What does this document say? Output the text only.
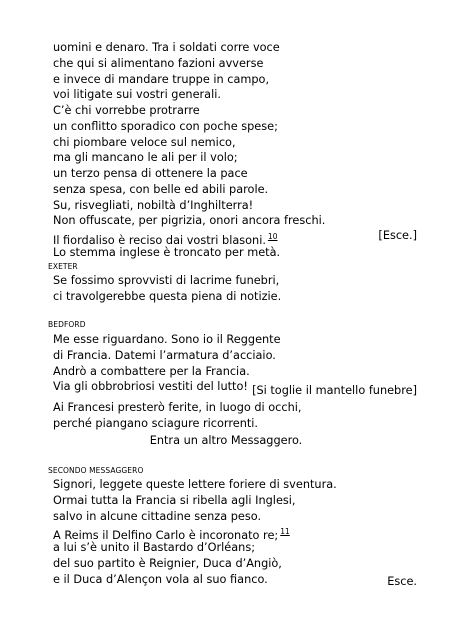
uomini e denaro. Tra i soldati corre voce
che qui si alimentano fazioni avverse
e invece di mandare truppe in campo,
voi litigate sui vostri generali.
C’è chi vorrebbe protrarre
un conflitto sporadico con poche spese;
chi piombare veloce sul nemico,
ma gli mancano le ali per il volo;
un terzo pensa di ottenere la pace
senza spesa, con belle ed abili parole.
Su, risvegliati, nobiltà d’Inghilterra!
Non offuscate, per pigrizia, onori ancora freschi.
Il fiordaliso è reciso dai vostri blasoni. $^{10}$
Lo stemma inglese è troncato per metà.
[Esce.]
EXETER
Se fossimo sprovvisti di lacrime funebri,
ci travolgerebbe questa piena di notizie.
BEDFORD
Me esse riguardano. Sono io il Reggente
di Francia. Datemi l’armatura d’acciaio.
Andrò a combattere per la Francia.
Via gli obbrobriosi vestiti del lutto! [Si toglie il mantello funebre]
Ai Francesi presterò ferite, in luogo di occhi,
perché piangano sciagure ricorrenti.
Entra un altro Messaggero.
SECONDO MESSAGGERO
Signori, leggete queste lettere foriere di sventura.
Ormai tutta la Francia si ribella agli Inglesi,
salvo in alcune cittadine senza peso.
A Reims il Delfino Carlo è incoronato re; $^{11}$
a lui s’è unito il Bastardo d’Orléans;
del suo partito è Reignier, Duca d’Angiò,
e il Duca d’Alençon vola al suo fianco.	Esce.
